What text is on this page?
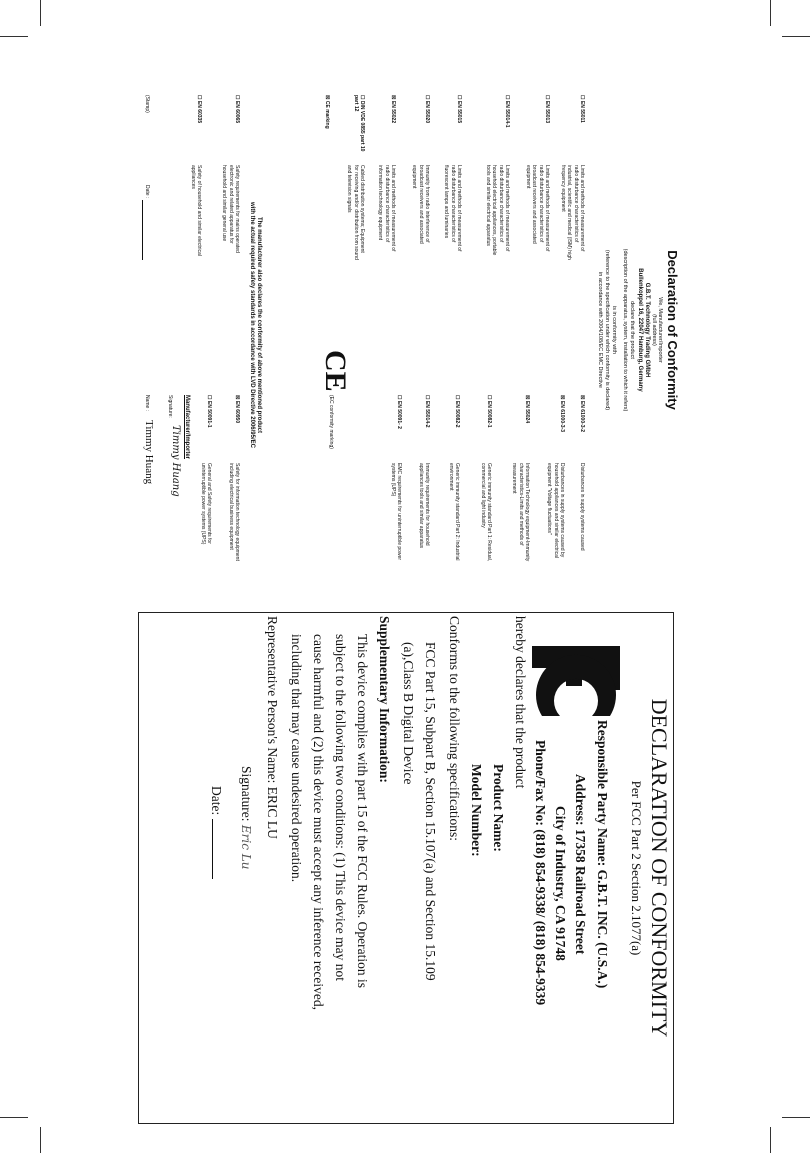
Declaration of Conformity
We, Manufacturer/Importer
(full address)
G.B.T. Technology Trading GMbH
Bullenkoppel 16, 22047 Hamburg, Germany
declare that the product
(description of the apparatus, system, installation to which it refers)
is in conformity with
(reference to the specification under which conformity is declared)
in accordance with 2004/108/EC EMC Directive
☐ EN 55011
Limits and methods of measurement of radio disturbance characteristics of industrial, scientific and medical (ISM) high frequency equipment
☐ EN 55013
Limits and methods of measurement of radio disturbance characteristics of broadcast receivers and associated equipment
☐ EN 55014-1
Limits and methods of measurement of radio disturbance characteristics of household electrical appliances, portable tools and similar electrical apparatus
☐ EN 55015
Limits and methods of measurement of radio disturbance characteristics of fluorescent lamps and luminaries
☐ EN 55020
Immunity from radio interference of broadcast receivers and associated equipment
☒ EN 55022
Limits and methods of measurement of radio disturbance characteristics of information technology equipment
☐ DIN VDE 0855 part 10 part 12
Cabled distribution systems; Equipment for receiving and/or distribution from sound and television signals
☒ CE marking
☐ EN 60065
Safety requirements for mains operated electronic and related apparatus for household and similar general use
☐ EN 60335
Safety of household and similar electrical appliances
☒ EN 61000-3-2
Disturbances in supply systems caused
☒ EN 61000-3-3
Disturbances in supply systems caused by household appliances and similar electrical equipment "Voltage fluctuations"
☒ EN 55024
Information Technology equipment-Immunity characteristics-Limits and methods of measurement
☐ EN 50082-1
Generic immunity standard Part 1: Residual, commercial and light industry
☐ EN 50082-2
Generic immunity standard Part 2: Industrial environment
☐ EN 55014-2
Immunity requirements for household appliances tools and similar apparatus
☐ EN 50091- 2
EMC requirements for uninterruptible power systems (UPS)
CE
(EC conformity marking)
The manufacturer also declares the conformity of above mentioned product
with the actual required safety standards in accordance with LVD Directive 2006/95/EC
☒ EN 60950
Safety for information technology equipment including electrical business equipment
☐ EN 50091-1
General and Safety requirements for uninterruptible power systems (UPS)
Manufacturer/Importer
Signature:
Timmy Huang
Name :
Timmy Huang
(Stamp)
Date :
DECLARATION OF CONFORMITY
Per FCC Part 2 Section 2.1077(a)
Responsible Party Name: G.B.T. INC. (U.S.A.)
Address: 17358 Railroad Street
City of Industry, CA 91748
Phone/Fax No: (818) 854-9338/ (818) 854-9339
hereby declares that the product
Product Name:
Model Number:
Conforms to the following specifications:
FCC Part 15, Subpart B, Section 15.107(a) and Section 15.109
(a),Class B Digital Device
Supplementary Information:
This device complies with part 15 of the FCC Rules. Operation is
subject to the following two conditions: (1) This device may not
cause harmful and (2) this device must accept any inference received,
including that may cause undesired operation.
Representative Person's Name: ERIC LU
Signature: Eric Lu
Date:
